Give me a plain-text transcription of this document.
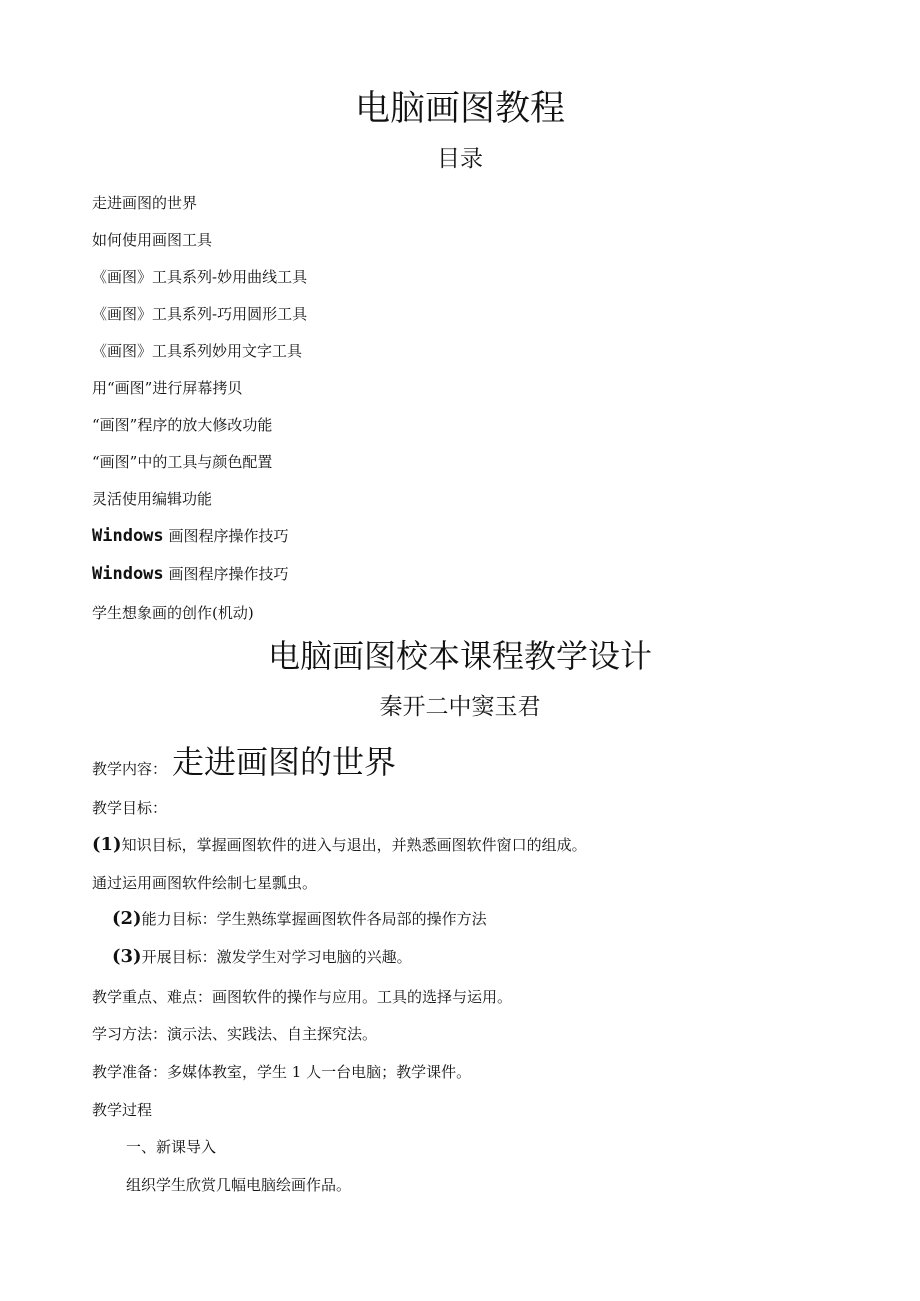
电脑画图教程
目录
走进画图的世界
如何使用画图工具
《画图》工具系列-妙用曲线工具
《画图》工具系列-巧用圆形工具
《画图》工具系列妙用文字工具
用“画图”进行屏幕拷贝
“画图”程序的放大修改功能
“画图”中的工具与颜色配置
灵活使用编辑功能
Windows 画图程序操作技巧
Windows 画图程序操作技巧
学生想象画的创作(机动)
电脑画图校本课程教学设计
秦开二中窦玉君
教学内容： 走进画图的世界
教学目标：
(1)知识目标，掌握画图软件的进入与退出，并熟悉画图软件窗口的组成。
通过运用画图软件绘制七星瓢虫。
(2)能力目标：学生熟练掌握画图软件各局部的操作方法
(3)开展目标：激发学生对学习电脑的兴趣。
教学重点、难点：画图软件的操作与应用。工具的选择与运用。
学习方法：演示法、实践法、自主探究法。
教学准备：多媒体教室，学生 1 人一台电脑；教学课件。
教学过程
一、新课导入
组织学生欣赏几幅电脑绘画作品。
